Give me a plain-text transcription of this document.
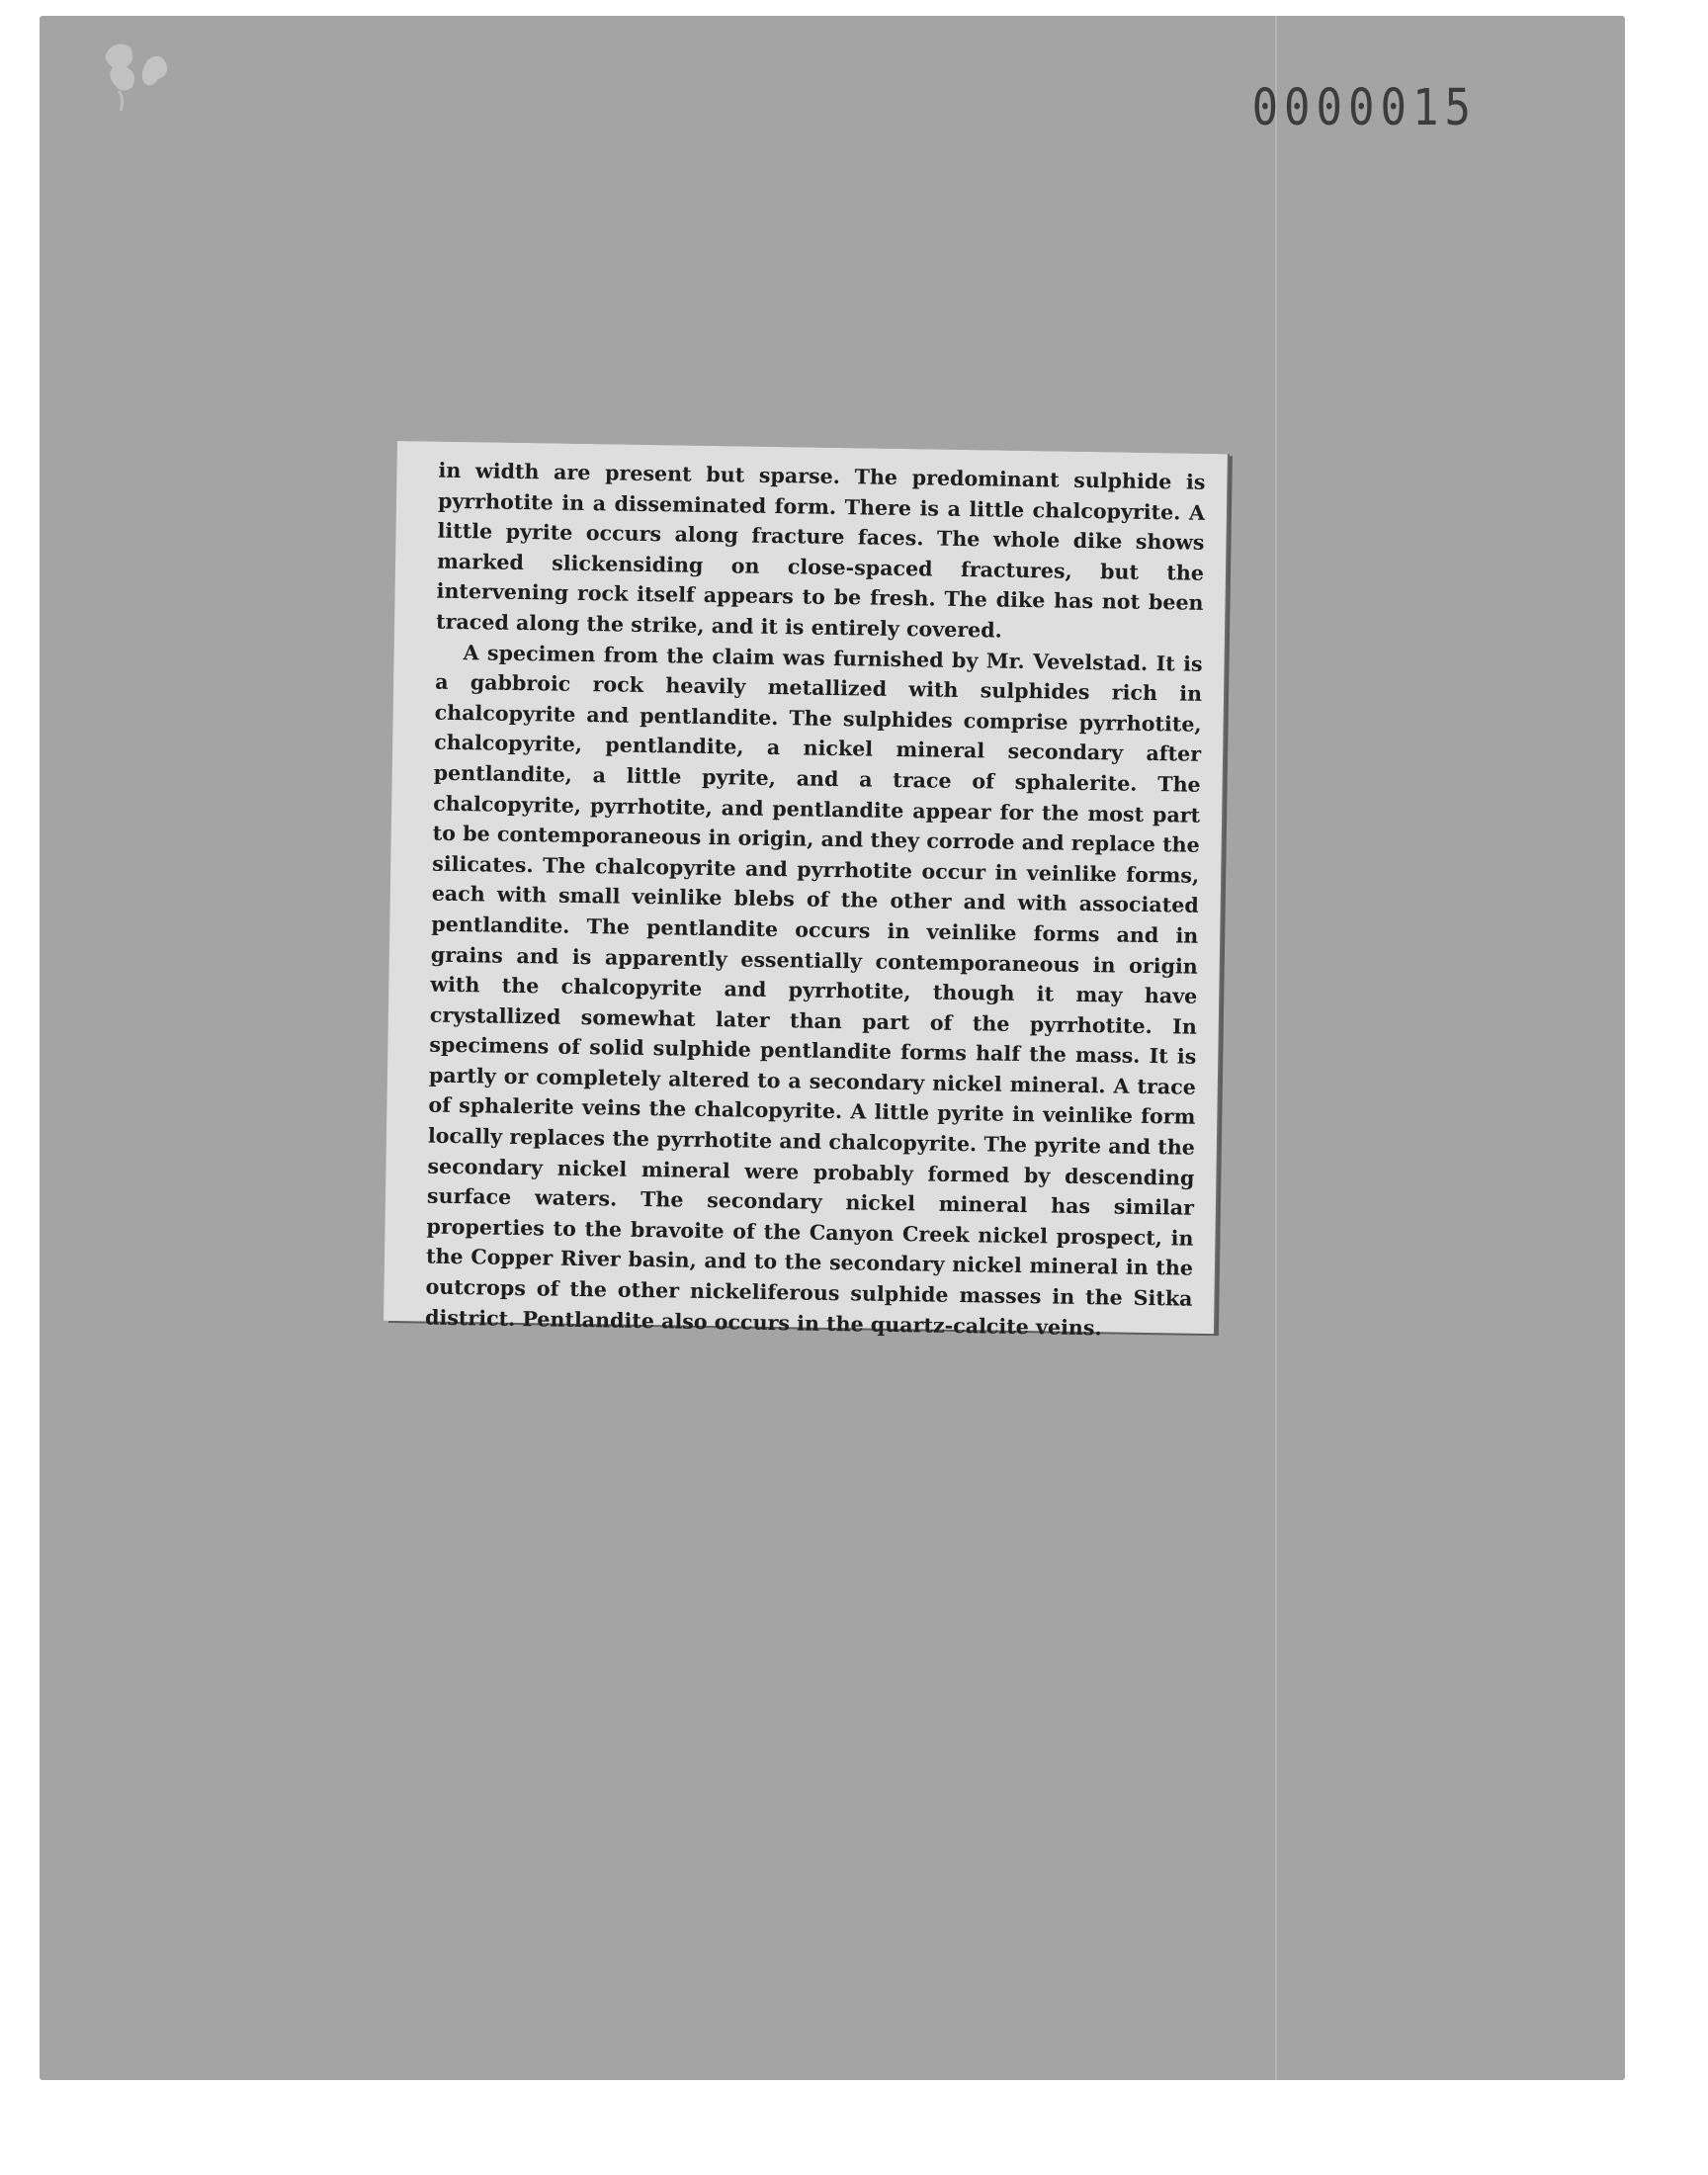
0000015

in width are present but sparse. The predominant sulphide is pyrrhotite in a disseminated form. There is a little chalcopyrite. A little pyrite occurs along fracture faces. The whole dike shows marked slickensiding on close-spaced fractures, but the intervening rock itself appears to be fresh. The dike has not been traced along the strike, and it is entirely covered.

A specimen from the claim was furnished by Mr. Vevelstad. It is a gabbroic rock heavily metallized with sulphides rich in chalcopyrite and pentlandite. The sulphides comprise pyrrhotite, chalcopyrite, pentlandite, a nickel mineral secondary after pentlandite, a little pyrite, and a trace of sphalerite. The chalcopyrite, pyrrhotite, and pentlandite appear for the most part to be contemporaneous in origin, and they corrode and replace the silicates. The chalcopyrite and pyrrhotite occur in veinlike forms, each with small veinlike blebs of the other and with associated pentlandite. The pentlandite occurs in veinlike forms and in grains and is apparently essentially contemporaneous in origin with the chalcopyrite and pyrrhotite, though it may have crystallized somewhat later than part of the pyrrhotite. In specimens of solid sulphide pentlandite forms half the mass. It is partly or completely altered to a secondary nickel mineral. A trace of sphalerite veins the chalcopyrite. A little pyrite in veinlike form locally replaces the pyrrhotite and chalcopyrite. The pyrite and the secondary nickel mineral were probably formed by descending surface waters. The secondary nickel mineral has similar properties to the bravoite of the Canyon Creek nickel prospect, in the Copper River basin, and to the secondary nickel mineral in the outcrops of the other nickeliferous sulphide masses in the Sitka district. Pentlandite also occurs in the quartz-calcite veins.
